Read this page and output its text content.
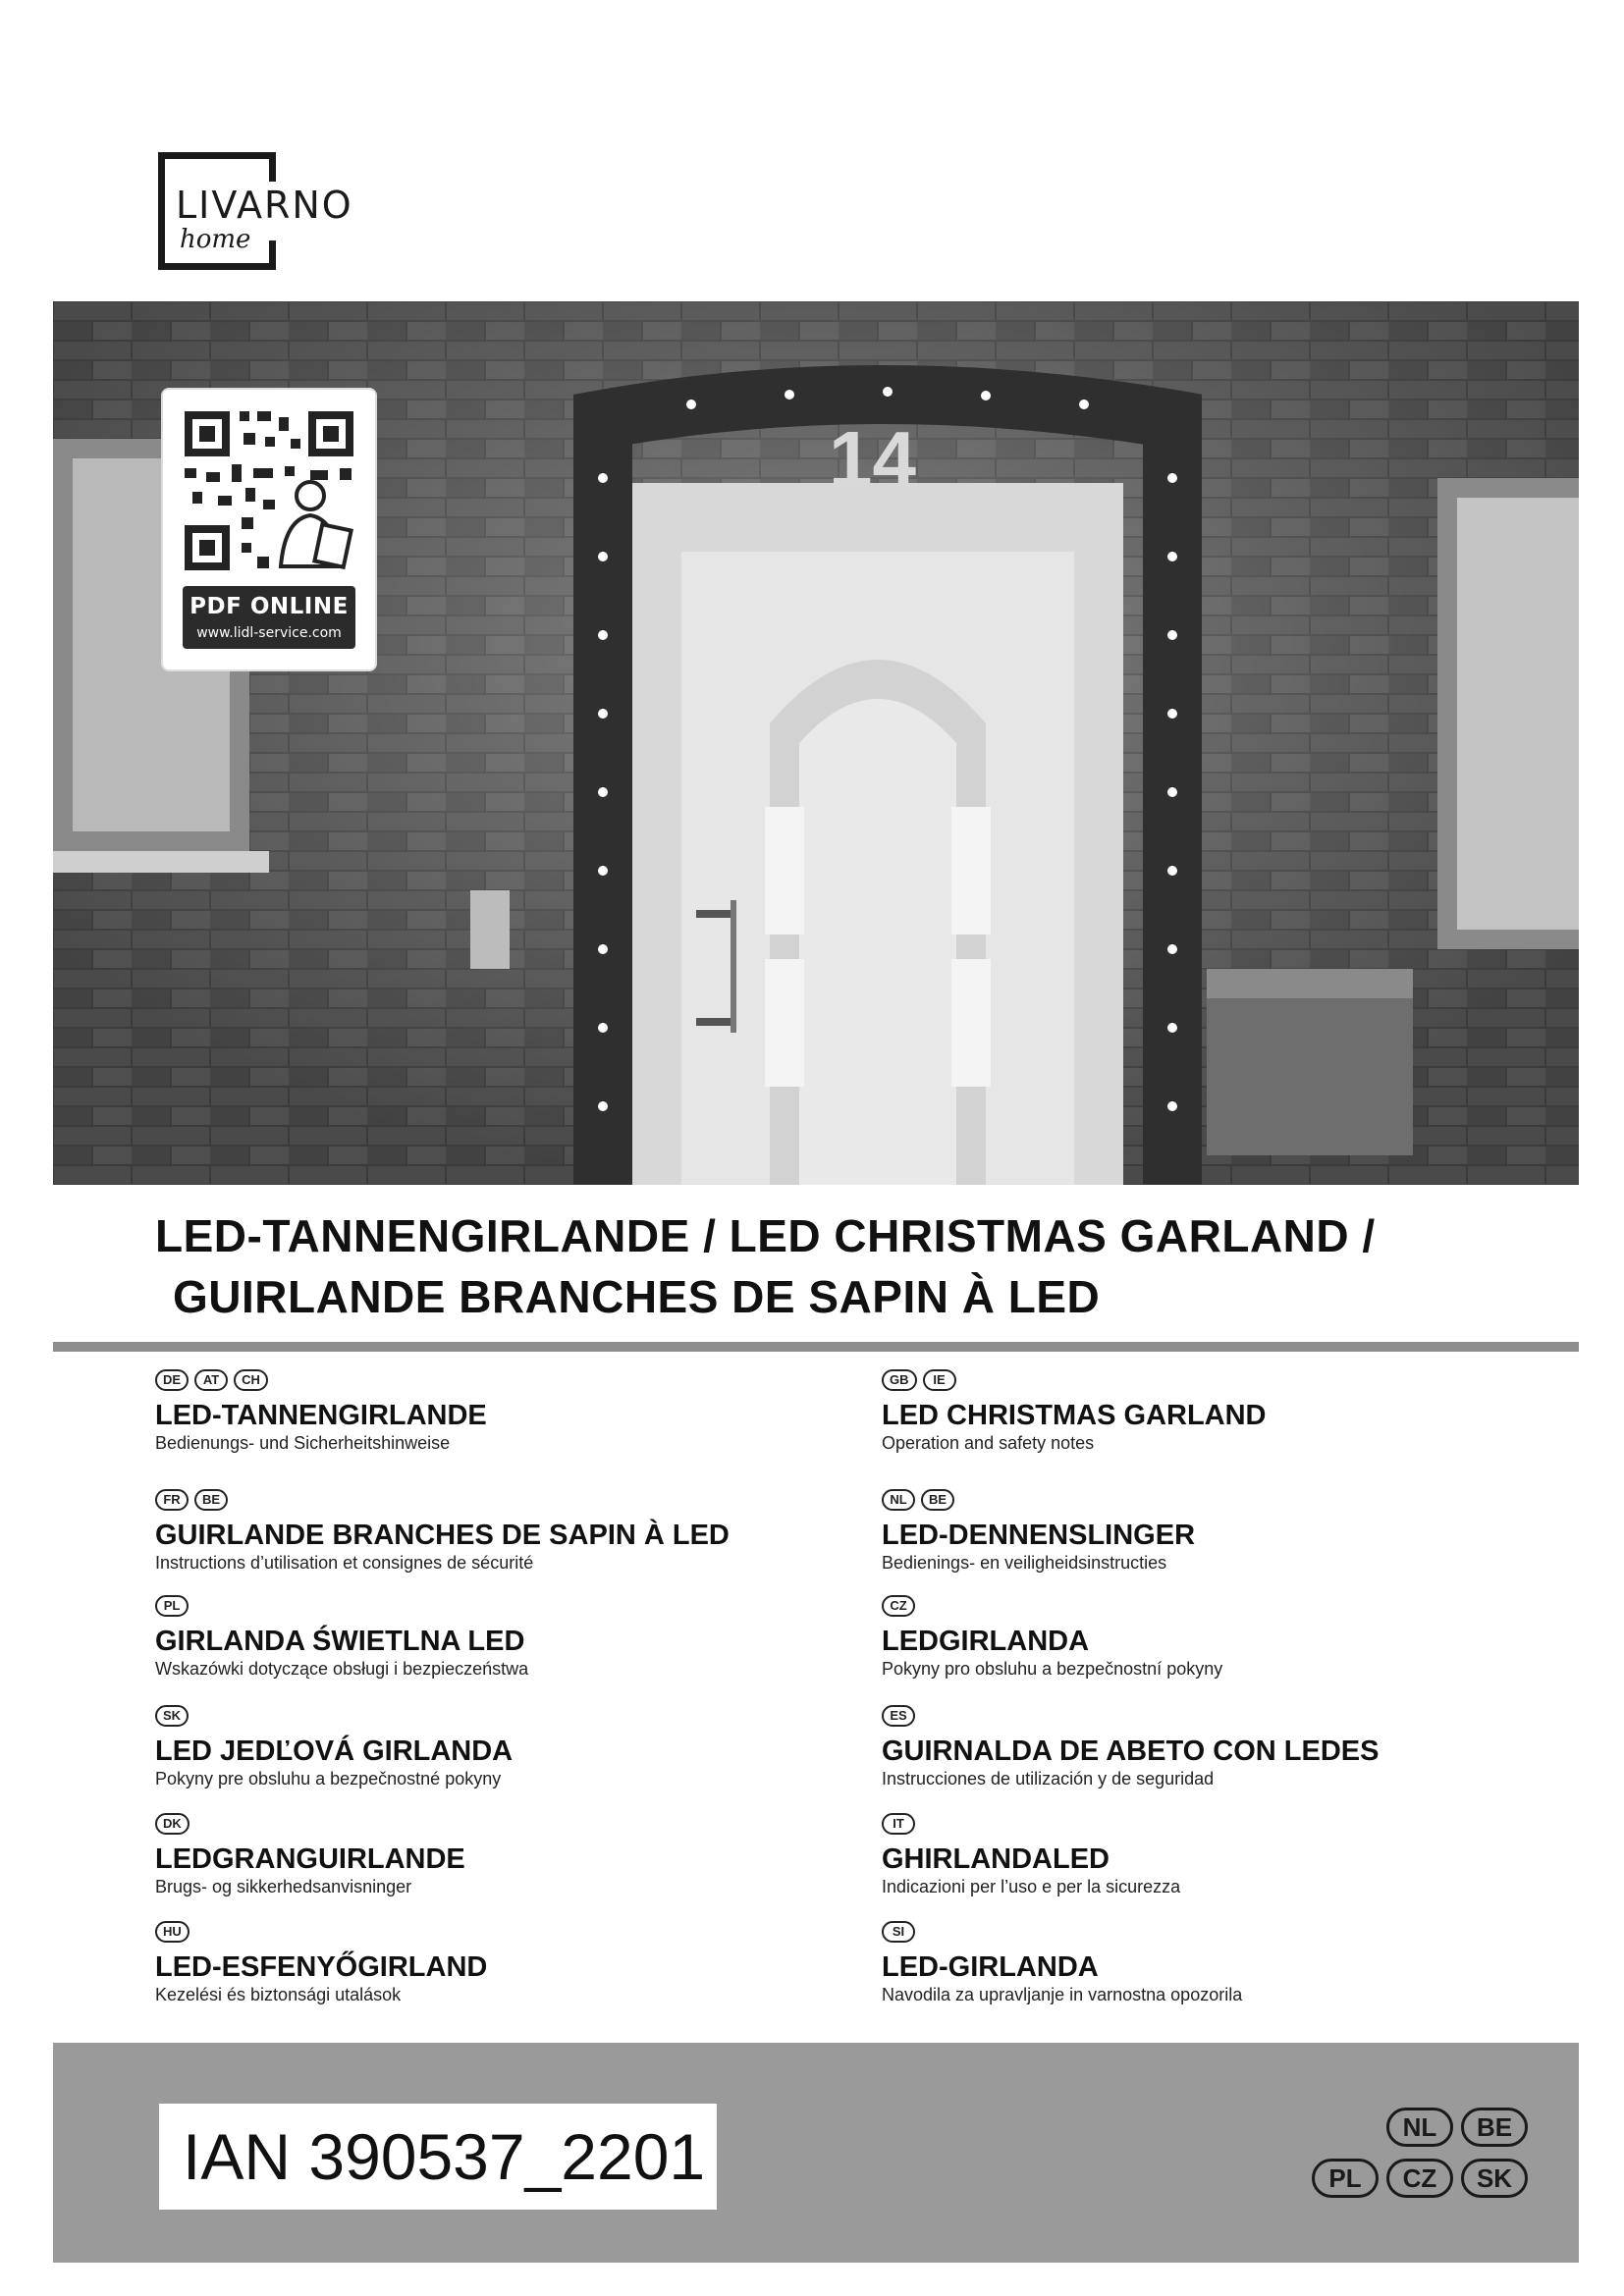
LIVARNO
home
PDF ONLINE
www.lidl-service.com
14
LED-TANNENGIRLANDE / LED CHRISTMAS GARLAND /
GUIRLANDE BRANCHES DE SAPIN À LED
DE	AT	CH
LED-TANNENGIRLANDE
Bedienungs- und Sicherheitshinweise
GB	IE
LED CHRISTMAS GARLAND
Operation and safety notes
FR	BE
GUIRLANDE BRANCHES DE SAPIN À LED
Instructions d’utilisation et consignes de sécurité
NL	BE
LED-DENNENSLINGER
Bedienings- en veiligheidsinstructies
PL
GIRLANDA ŚWIETLNA LED
Wskazówki dotyczące obsługi i bezpieczeństwa
CZ
LEDGIRLANDA
Pokyny pro obsluhu a bezpečnostní pokyny
SK
LED JEDĽOVÁ GIRLANDA
Pokyny pre obsluhu a bezpečnostné pokyny
ES
GUIRNALDA DE ABETO CON LEDES
Instrucciones de utilización y de seguridad
DK
LEDGRANGUIRLANDE
Brugs- og sikkerhedsanvisninger
IT
GHIRLANDALED
Indicazioni per l’uso e per la sicurezza
HU
LED-ESFENYŐGIRLAND
Kezelési és biztonsági utalások
SI
LED-GIRLANDA
Navodila za upravljanje in varnostna opozorila
IAN 390537_2201	NL	BE
PL	CZ	SK
